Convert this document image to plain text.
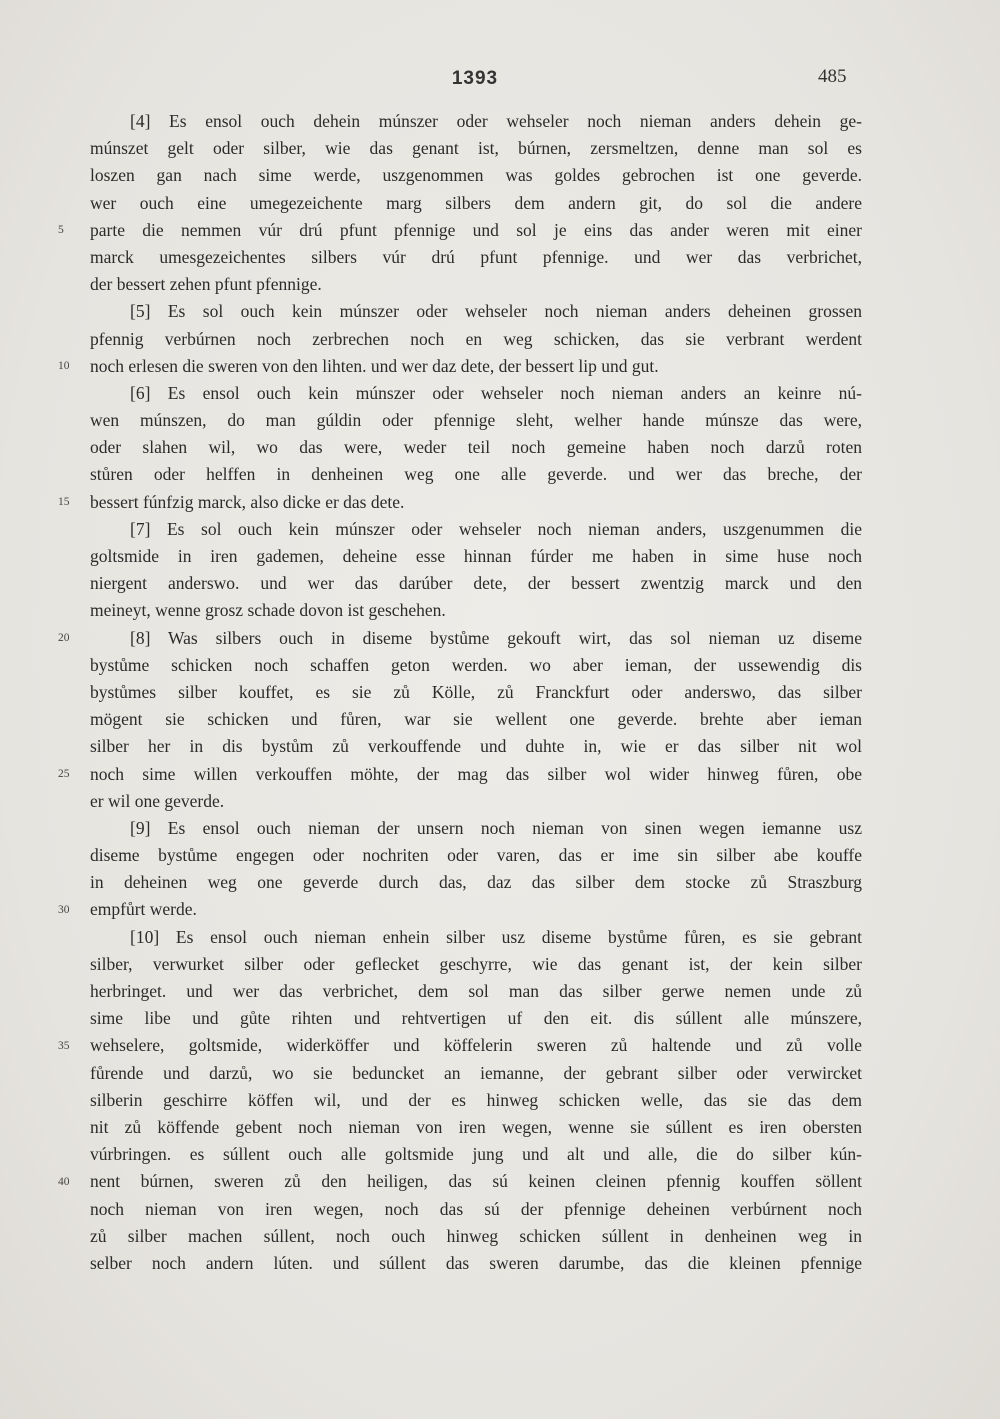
1393	485
5
10
15
20
25
30
35
40
[4] Es ensol ouch dehein múnszer oder wehseler noch nieman anders dehein ge-
múnszet gelt oder silber, wie das genant ist, búrnen, zersmeltzen, denne man sol es
loszen gan nach sime werde, uszgenommen was goldes gebrochen ist one geverde.
wer ouch eine umegezeichente marg silbers dem andern git, do sol die andere
parte die nemmen vúr drú pfunt pfennige und sol je eins das ander weren mit einer
marck umesgezeichentes silbers vúr drú pfunt pfennige. und wer das verbrichet,
der bessert zehen pfunt pfennige.
[5] Es sol ouch kein múnszer oder wehseler noch nieman anders deheinen grossen
pfennig verbúrnen noch zerbrechen noch en weg schicken, das sie verbrant werdent
noch erlesen die sweren von den lihten. und wer daz dete, der bessert lip und gut.
[6] Es ensol ouch kein múnszer oder wehseler noch nieman anders an keinre nú-
wen múnszen, do man gúldin oder pfennige sleht, welher hande múnsze das were,
oder slahen wil, wo das were, weder teil noch gemeine haben noch darzů roten
stůren oder helffen in denheinen weg one alle geverde. und wer das breche, der
bessert fúnfzig marck, also dicke er das dete.
[7] Es sol ouch kein múnszer oder wehseler noch nieman anders, uszgenummen die
goltsmide in iren gademen, deheine esse hinnan fúrder me haben in sime huse noch
niergent anderswo. und wer das darúber dete, der bessert zwentzig marck und den
meineyt, wenne grosz schade dovon ist geschehen.
[8] Was silbers ouch in diseme bystůme gekouft wirt, das sol nieman uz diseme
bystůme schicken noch schaffen geton werden. wo aber ieman, der ussewendig dis
bystůmes silber kouffet, es sie zů Kölle, zů Franckfurt oder anderswo, das silber
mögent sie schicken und fůren, war sie wellent one geverde. brehte aber ieman
silber her in dis bystům zů verkouffende und duhte in, wie er das silber nit wol
noch sime willen verkouffen möhte, der mag das silber wol wider hinweg fůren, obe
er wil one geverde.
[9] Es ensol ouch nieman der unsern noch nieman von sinen wegen iemanne usz
diseme bystůme engegen oder nochriten oder varen, das er ime sin silber abe kouffe
in deheinen weg one geverde durch das, daz das silber dem stocke zů Straszburg
empfůrt werde.
[10] Es ensol ouch nieman enhein silber usz diseme bystůme fůren, es sie gebrant
silber, verwurket silber oder geflecket geschyrre, wie das genant ist, der kein silber
herbringet. und wer das verbrichet, dem sol man das silber gerwe nemen unde zů
sime libe und gůte rihten und rehtvertigen uf den eit. dis súllent alle múnszere,
wehselere, goltsmide, widerköffer und köffelerin sweren zů haltende und zů volle
fůrende und darzů, wo sie beduncket an iemanne, der gebrant silber oder verwircket
silberin geschirre köffen wil, und der es hinweg schicken welle, das sie das dem
nit zů köffende gebent noch nieman von iren wegen, wenne sie súllent es iren obersten
vúrbringen. es súllent ouch alle goltsmide jung und alt und alle, die do silber kún-
nent búrnen, sweren zů den heiligen, das sú keinen cleinen pfennig kouffen söllent
noch nieman von iren wegen, noch das sú der pfennige deheinen verbúrnent noch
zů silber machen súllent, noch ouch hinweg schicken súllent in denheinen weg in
selber noch andern lúten. und súllent das sweren darumbe, das die kleinen pfennige
